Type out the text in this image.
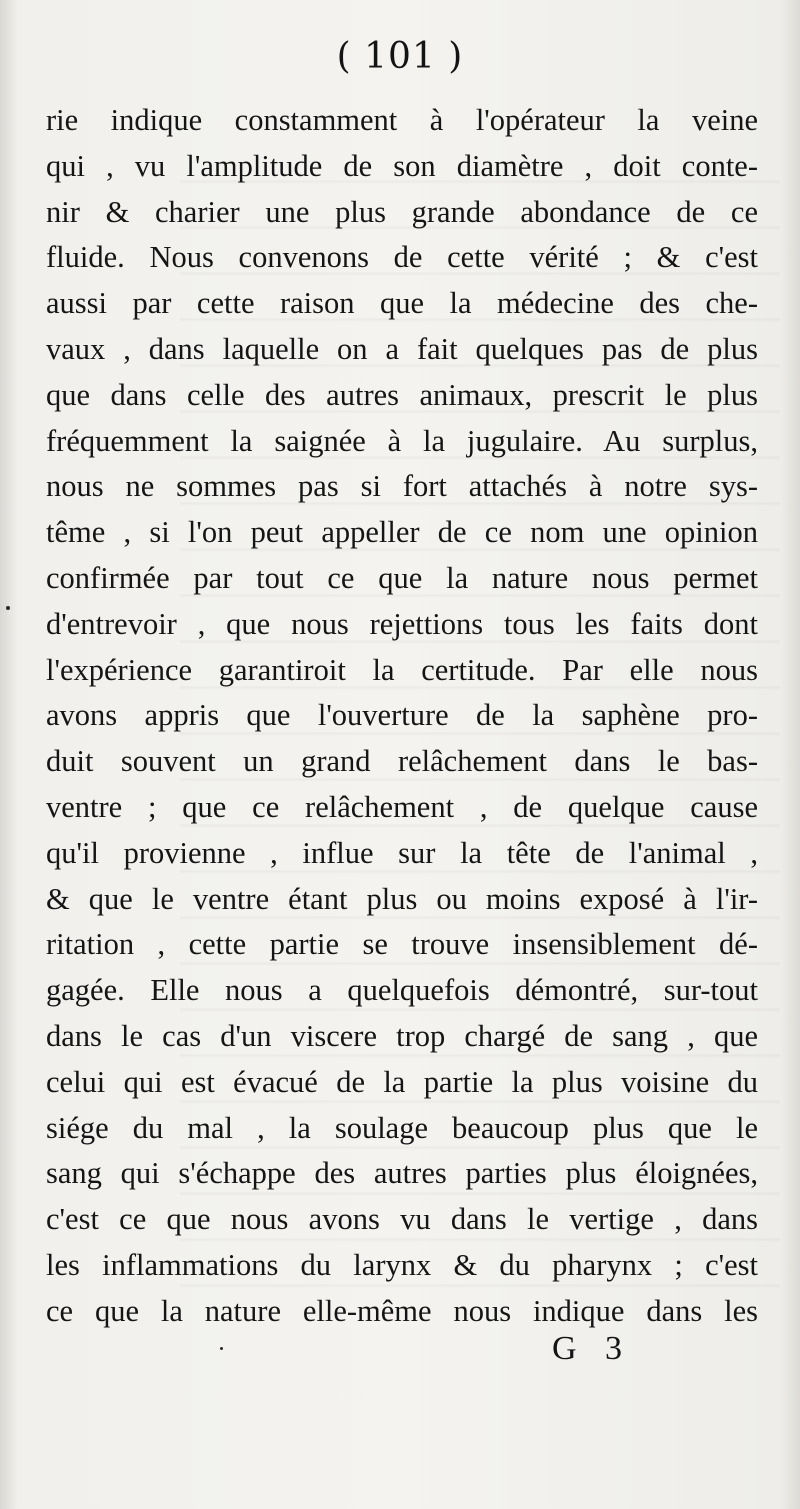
( 101 )
rie indique constamment à l'opérateur la veine
qui , vu l'amplitude de son diamètre , doit conte-
nir & charier une plus grande abondance de ce
fluide. Nous convenons de cette vérité ; & c'est
aussi par cette raison que la médecine des che-
vaux , dans laquelle on a fait quelques pas de plus
que dans celle des autres animaux, prescrit le plus
fréquemment la saignée à la jugulaire. Au surplus,
nous ne sommes pas si fort attachés à notre sys-
tême , si l'on peut appeller de ce nom une opinion
confirmée par tout ce que la nature nous permet
d'entrevoir , que nous rejettions tous les faits dont
l'expérience garantiroit la certitude. Par elle nous
avons appris que l'ouverture de la saphène pro-
duit souvent un grand relâchement dans le bas-
ventre ; que ce relâchement , de quelque cause
qu'il provienne , influe sur la tête de l'animal ,
& que le ventre étant plus ou moins exposé à l'ir-
ritation , cette partie se trouve insensiblement dé-
gagée. Elle nous a quelquefois démontré, sur-tout
dans le cas d'un viscere trop chargé de sang , que
celui qui est évacué de la partie la plus voisine du
siége du mal , la soulage beaucoup plus que le
sang qui s'échappe des autres parties plus éloignées,
c'est ce que nous avons vu dans le vertige , dans
les inflammations du larynx & du pharynx ; c'est
ce que la nature elle-même nous indique dans les
G 3
